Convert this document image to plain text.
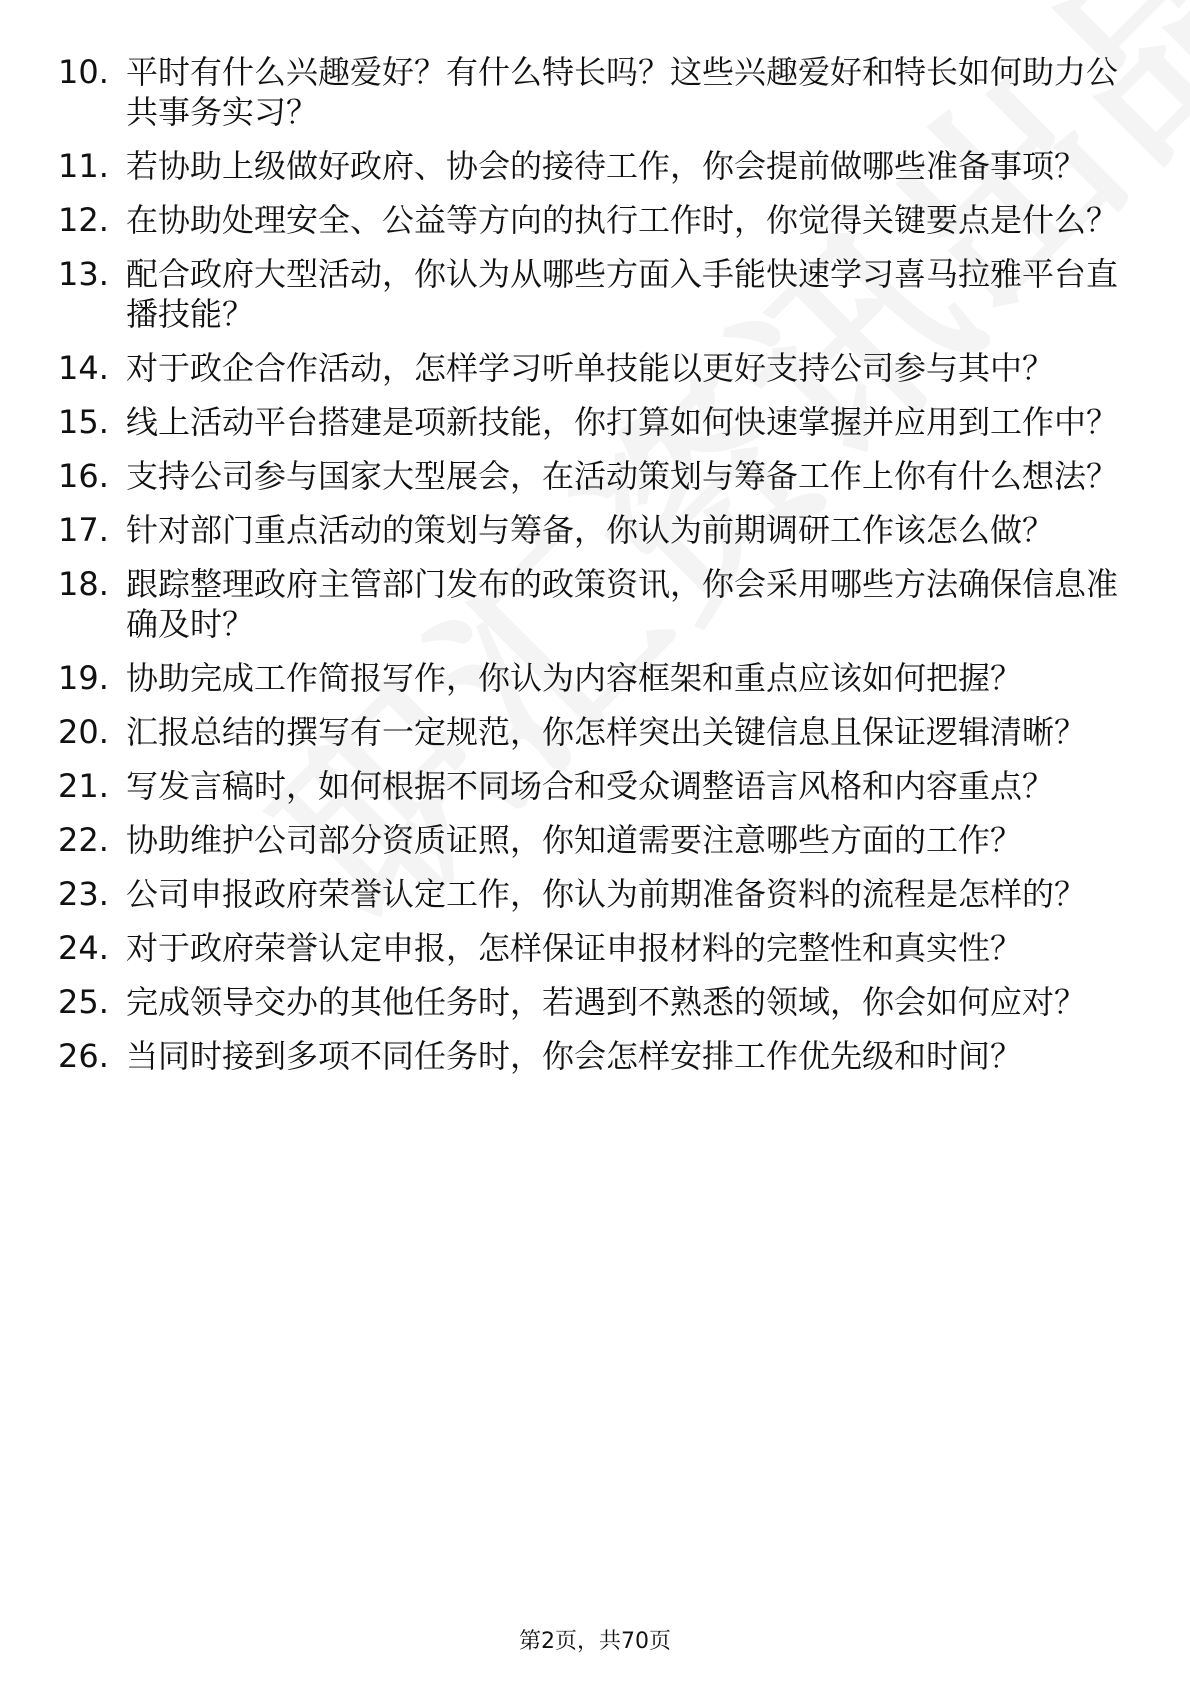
10. 平时有什么兴趣爱好？有什么特长吗？这些兴趣爱好和特长如何助力公共事务实习？
11. 若协助上级做好政府、协会的接待工作，你会提前做哪些准备事项？
12. 在协助处理安全、公益等方向的执行工作时，你觉得关键要点是什么？
13. 配合政府大型活动，你认为从哪些方面入手能快速学习喜马拉雅平台直播技能？
14. 对于政企合作活动，怎样学习听单技能以更好支持公司参与其中？
15. 线上活动平台搭建是项新技能，你打算如何快速掌握并应用到工作中？
16. 支持公司参与国家大型展会，在活动策划与筹备工作上你有什么想法？
17. 针对部门重点活动的策划与筹备，你认为前期调研工作该怎么做？
18. 跟踪整理政府主管部门发布的政策资讯，你会采用哪些方法确保信息准确及时？
19. 协助完成工作简报写作，你认为内容框架和重点应该如何把握？
20. 汇报总结的撰写有一定规范，你怎样突出关键信息且保证逻辑清晰？
21. 写发言稿时，如何根据不同场合和受众调整语言风格和内容重点？
22. 协助维护公司部分资质证照，你知道需要注意哪些方面的工作？
23. 公司申报政府荣誉认定工作，你认为前期准备资料的流程是怎样的？
24. 对于政府荣誉认定申报，怎样保证申报材料的完整性和真实性？
25. 完成领导交办的其他任务时，若遇到不熟悉的领域，你会如何应对？
26. 当同时接到多项不同任务时，你会怎样安排工作优先级和时间？
第2页，共70页
